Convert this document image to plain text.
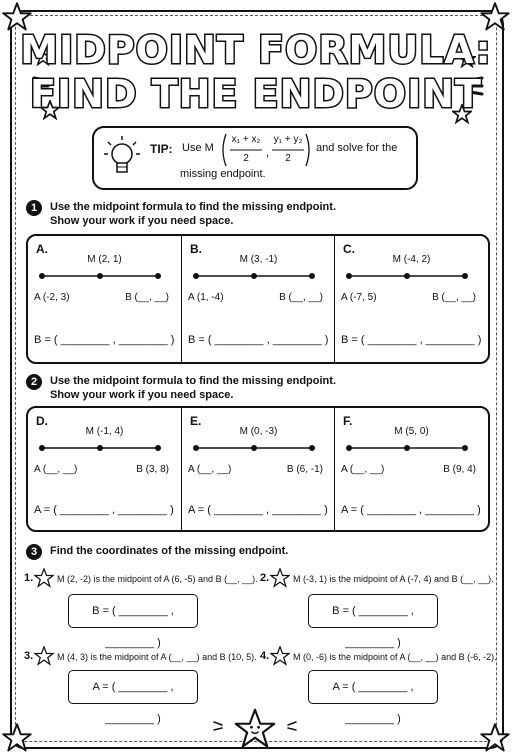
MIDPOINT FORMULA:
FIND THE ENDPOINT
TIP: Use M	,
x₁ + x₂
2
y₁ + y₂
2
and solve for the
missing endpoint.
1	Use the midpoint formula to find the missing endpoint.
Show your work if you need space.
A.
M (2, 1)
A (-2, 3)	B (__, __)
B = ( ________ , ________ )
B.
M (3, -1)
A (1, -4)	B (__, __)
B = ( ________ , ________ )
C.
M (-4, 2)
A (-7, 5)	B (__, __)
B = ( ________ , ________ )
2	Use the midpoint formula to find the missing endpoint.
Show your work if you need space.
D.
M (-1, 4)
A (__, __)	B (3, 8)
A = ( ________ , ________ )
E.
M (0, -3)
A (__, __)	B (6, -1)
A = ( ________ , ________ )
F.
M (5, 0)
A (__, __)	B (9, 4)
A = ( ________ , ________ )
3	Find the coordinates of the missing endpoint.
1.	M (2, -2) is the midpoint of A (6, -5) and B (__, __).
B = ( ________ , ________ )
2.	M (-3, 1) is the midpoint of A (-7, 4) and B (__, __).
B = ( ________ , ________ )
3.	M (4, 3) is the midpoint of A (__, __) and B (10, 5).
A = ( ________ , ________ )
4.	M (0, -6) is the midpoint of A (__, __) and B (-6, -2).
A = ( ________ , ________ )
